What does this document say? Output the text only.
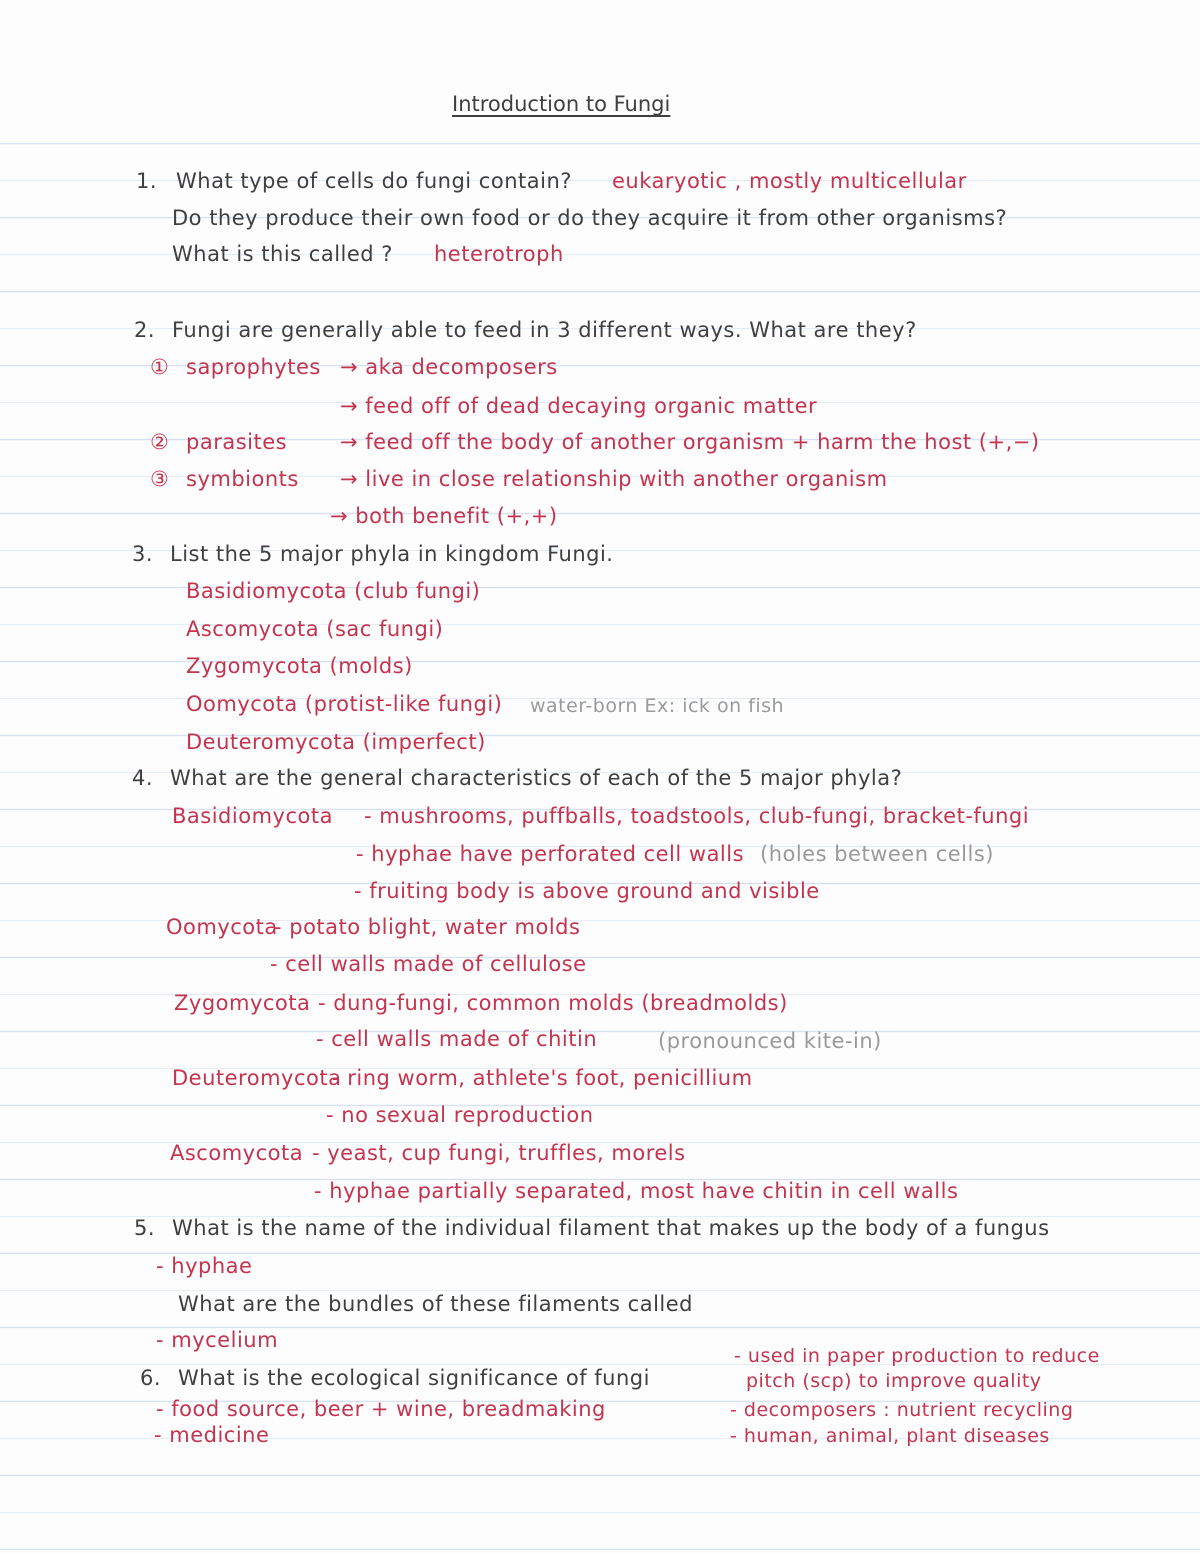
Introduction to Fungi
1. What type of cells do fungi contain? eukaryotic , mostly multicellular
Do they produce their own food or do they acquire it from other organisms?
What is this called ? heterotroph
2. Fungi are generally able to feed in 3 different ways. What are they?
① saprophytes → aka decomposers
→ feed off of dead decaying organic matter
② parasites	→ feed off the body of another organism + harm the host (+,−)
③ symbionts → live in close relationship with another organism
→ both benefit (+,+)
3. List the 5 major phyla in kingdom Fungi.
Basidiomycota (club fungi)
Ascomycota (sac fungi)
Zygomycota (molds)
Oomycota (protist-like fungi) water-born Ex: ick on fish
Deuteromycota (imperfect)
4. What are the general characteristics of each of the 5 major phyla?
Basidiomycota - mushrooms, puffballs, toadstools, club-fungi, bracket-fungi
- hyphae have perforated cell walls (holes between cells)
- fruiting body is above ground and visible
Oomycota
- potato blight, water molds
- cell walls made of cellulose
Zygomycota - dung-fungi, common molds (breadmolds)
- cell walls made of chitin	(pronounced kite-in)
Deuteromycota
- ring worm, athlete's foot, penicillium
- no sexual reproduction
Ascomycota - yeast, cup fungi, truffles, morels
- hyphae partially separated, most have chitin in cell walls
5. What is the name of the individual filament that makes up the body of a fungus
- hyphae
What are the bundles of these filaments called
- mycelium
6. What is the ecological significance of fungi
- food source, beer + wine, breadmaking
- medicine
- used in paper production to reduce
pitch (scp) to improve quality
- decomposers : nutrient recycling
- human, animal, plant diseases
